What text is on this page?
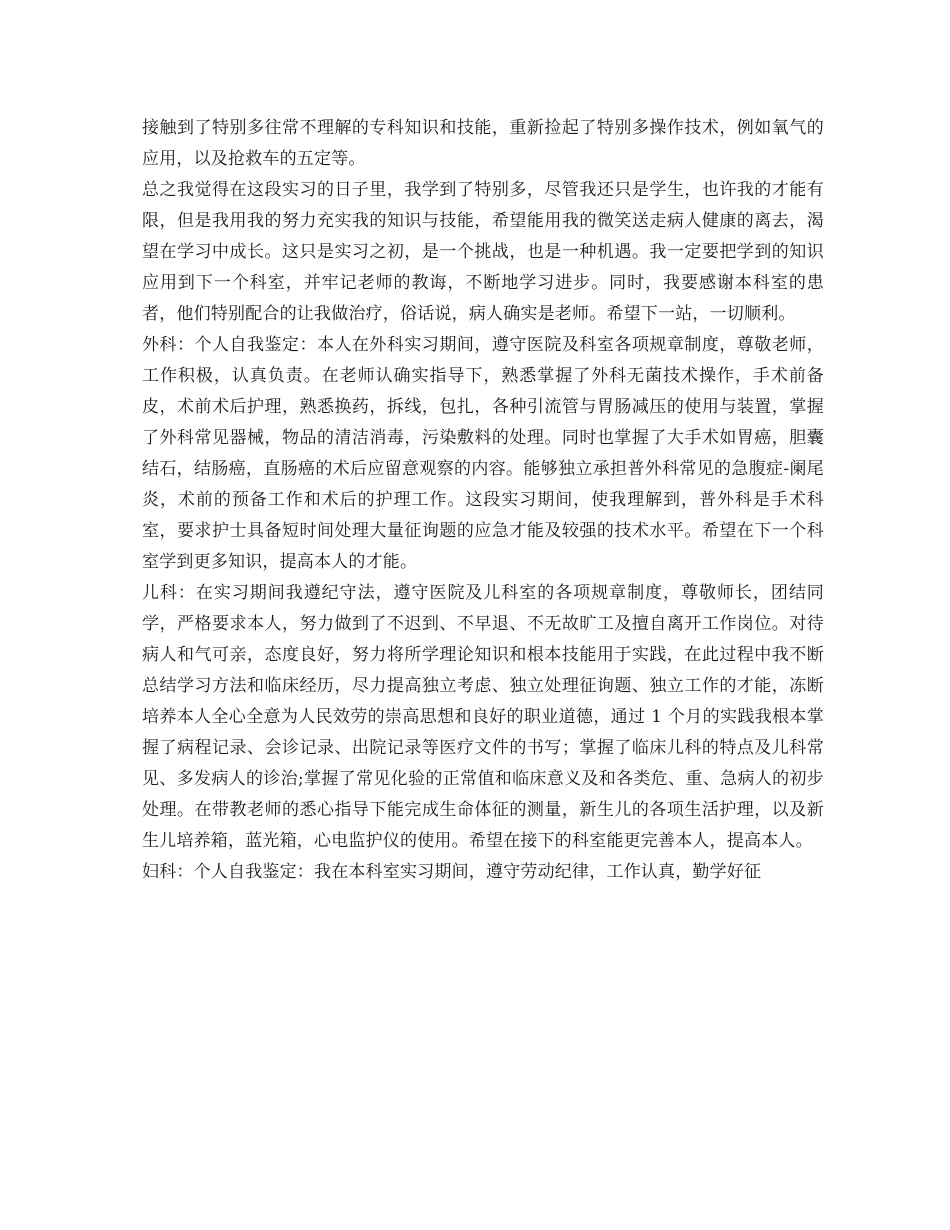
接触到了特别多往常不理解的专科知识和技能，重新捡起了特别多操作技术，例如氧气的应用，以及抢救车的五定等。

总之我觉得在这段实习的日子里，我学到了特别多，尽管我还只是学生，也许我的才能有限，但是我用我的努力充实我的知识与技能，希望能用我的微笑送走病人健康的离去，渴望在学习中成长。这只是实习之初，是一个挑战，也是一种机遇。我一定要把学到的知识应用到下一个科室，并牢记老师的教诲，不断地学习进步。同时，我要感谢本科室的患者，他们特别配合的让我做治疗，俗话说，病人确实是老师。希望下一站，一切顺利。

外科：个人自我鉴定：本人在外科实习期间，遵守医院及科室各项规章制度，尊敬老师，工作积极，认真负责。在老师认确实指导下，熟悉掌握了外科无菌技术操作，手术前备皮，术前术后护理，熟悉换药，拆线，包扎，各种引流管与胃肠减压的使用与装置，掌握了外科常见器械，物品的清洁消毒，污染敷料的处理。同时也掌握了大手术如胃癌，胆囊结石，结肠癌，直肠癌的术后应留意观察的内容。能够独立承担普外科常见的急腹症-阑尾炎，术前的预备工作和术后的护理工作。这段实习期间，使我理解到，普外科是手术科室，要求护士具备短时间处理大量征询题的应急才能及较强的技术水平。希望在下一个科室学到更多知识，提高本人的才能。

儿科：在实习期间我遵纪守法，遵守医院及儿科室的各项规章制度，尊敬师长，团结同学，严格要求本人，努力做到了不迟到、不早退、不无故旷工及擅自离开工作岗位。对待病人和气可亲，态度良好，努力将所学理论知识和根本技能用于实践，在此过程中我不断总结学习方法和临床经历，尽力提高独立考虑、独立处理征询题、独立工作的才能，冻断培养本人全心全意为人民效劳的崇高思想和良好的职业道德，通过 1 个月的实践我根本掌握了病程记录、会诊记录、出院记录等医疗文件的书写；掌握了临床儿科的特点及儿科常见、多发病人的诊治;掌握了常见化验的正常值和临床意义及和各类危、重、急病人的初步处理。在带教老师的悉心指导下能完成生命体征的测量，新生儿的各项生活护理，以及新生儿培养箱，蓝光箱，心电监护仪的使用。希望在接下的科室能更完善本人，提高本人。

妇科：个人自我鉴定：我在本科室实习期间，遵守劳动纪律，工作认真，勤学好征
